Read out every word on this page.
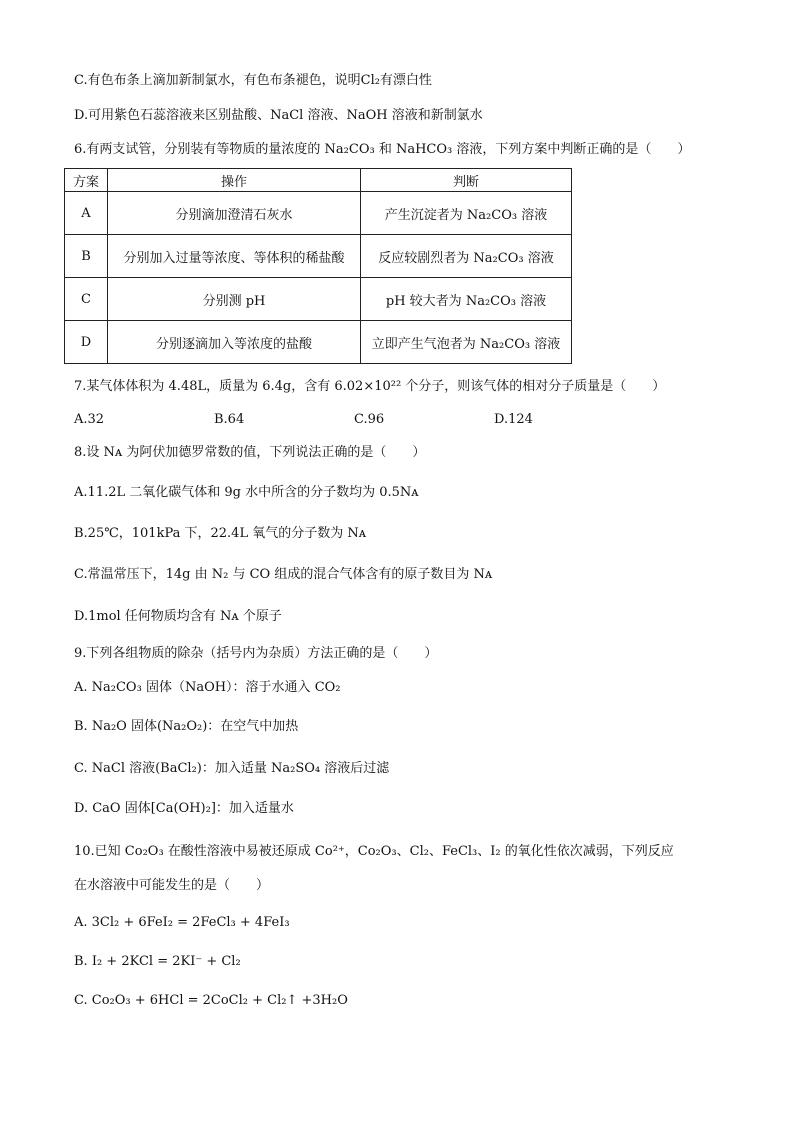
C.有色布条上滴加新制氯水，有色布条褪色，说明Cl₂有漂白性
D.可用紫色石蕊溶液来区别盐酸、NaCl 溶液、NaOH 溶液和新制氯水
6.有两支试管，分别装有等物质的量浓度的 Na₂CO₃ 和 NaHCO₃ 溶液，下列方案中判断正确的是（　　）
方案	操作	判断
A	分别滴加澄清石灰水	产生沉淀者为 Na₂CO₃ 溶液
B	分别加入过量等浓度、等体积的稀盐酸	反应较剧烈者为 Na₂CO₃ 溶液
C	分别测 pH	pH 较大者为 Na₂CO₃ 溶液
D	分别逐滴加入等浓度的盐酸	立即产生气泡者为 Na₂CO₃ 溶液
7.某气体体积为 4.48L，质量为 6.4g，含有 6.02×10²² 个分子，则该气体的相对分子质量是（　　）
A.32	B.64	C.96	D.124
8.设 Nᴀ 为阿伏加德罗常数的值，下列说法正确的是（　　）
A.11.2L 二氧化碳气体和 9g 水中所含的分子数均为 0.5Nᴀ
B.25℃，101kPa 下，22.4L 氧气的分子数为 Nᴀ
C.常温常压下，14g 由 N₂ 与 CO 组成的混合气体含有的原子数目为 Nᴀ
D.1mol 任何物质均含有 Nᴀ 个原子
9.下列各组物质的除杂（括号内为杂质）方法正确的是（　　）
A. Na₂CO₃ 固体（NaOH）：溶于水通入 CO₂
B. Na₂O 固体(Na₂O₂)：在空气中加热
C. NaCl 溶液(BaCl₂)：加入适量 Na₂SO₄ 溶液后过滤
D. CaO 固体[Ca(OH)₂]：加入适量水
10.已知 Co₂O₃ 在酸性溶液中易被还原成 Co²⁺，Co₂O₃、Cl₂、FeCl₃、I₂ 的氧化性依次减弱，下列反应
在水溶液中可能发生的是（　　）
A. 3Cl₂ + 6FeI₂ = 2FeCl₃ + 4FeI₃
B. I₂ + 2KCl = 2KI⁻ + Cl₂
C. Co₂O₃ + 6HCl = 2CoCl₂ + Cl₂↑ +3H₂O
